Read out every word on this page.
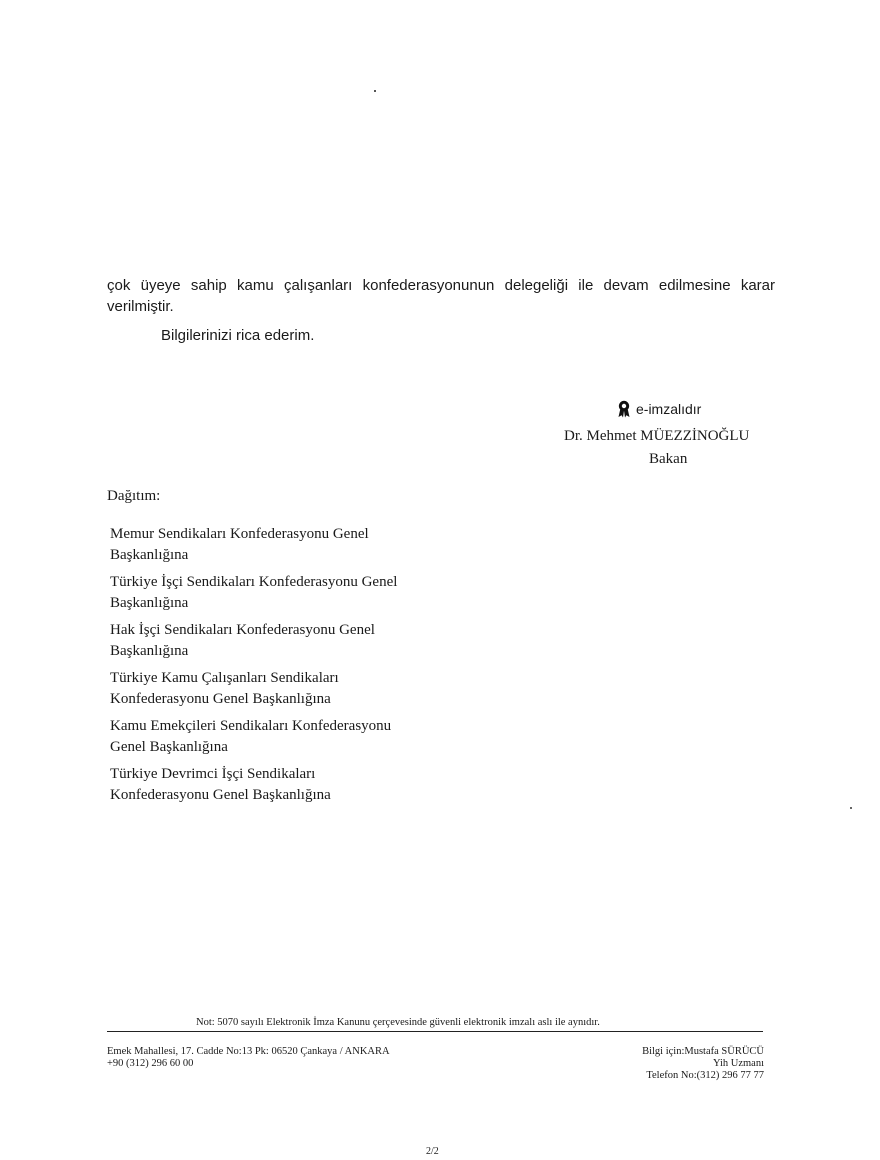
çok üyeye sahip kamu çalışanları konfederasyonunun delegeliği ile devam edilmesine karar verilmiştir.
Bilgilerinizi rica ederim.
e-imzalıdır
Dr. Mehmet MÜEZZİNOĞLU
Bakan
Dağıtım:
Memur Sendikaları Konfederasyonu Genel
Başkanlığına
Türkiye İşçi Sendikaları Konfederasyonu Genel
Başkanlığına
Hak İşçi Sendikaları Konfederasyonu Genel
Başkanlığına
Türkiye Kamu Çalışanları Sendikaları
Konfederasyonu Genel Başkanlığına
Kamu Emekçileri Sendikaları Konfederasyonu
Genel Başkanlığına
Türkiye Devrimci İşçi Sendikaları
Konfederasyonu Genel Başkanlığına
Not: 5070 sayılı Elektronik İmza Kanunu çerçevesinde güvenli elektronik imzalı aslı ile aynıdır.
Emek Mahallesi, 17. Cadde No:13 Pk: 06520 Çankaya / ANKARA
+90 (312) 296 60 00
Bilgi için:Mustafa SÜRÜCÜ
Yih Uzmanı
Telefon No:(312) 296 77 77
2/2
